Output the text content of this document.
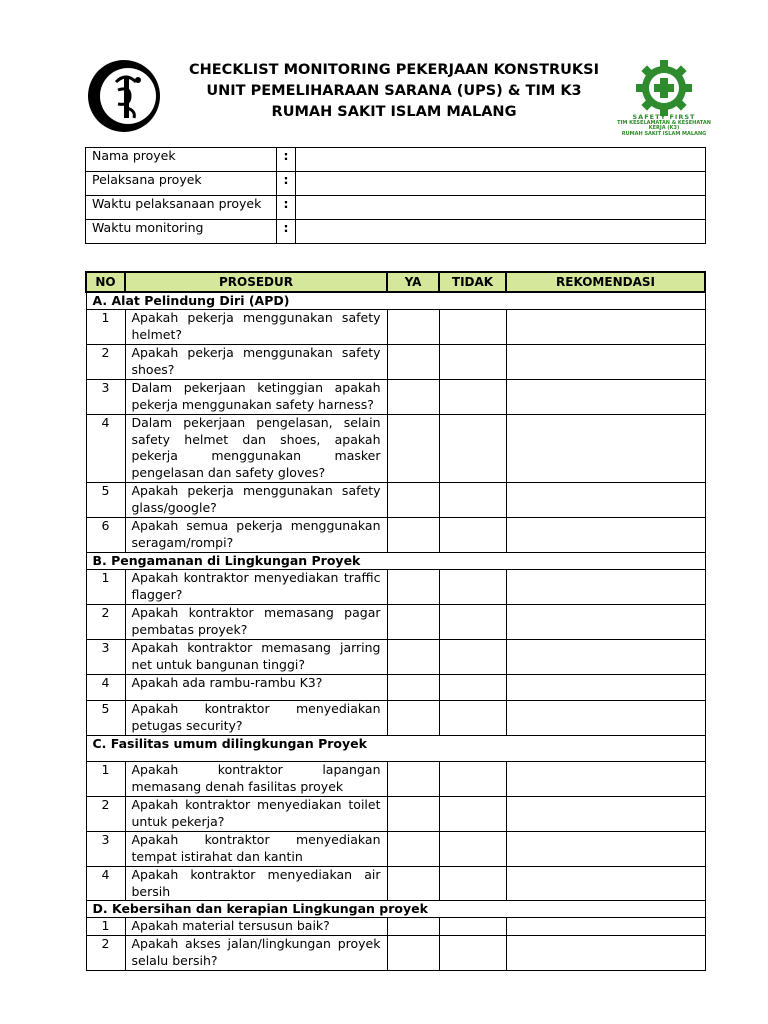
CHECKLIST MONITORING PEKERJAAN KONSTRUKSI
UNIT PEMELIHARAAN SARANA (UPS) & TIM K3
RUMAH SAKIT ISLAM MALANG	SAFETY FIRST
TIM KESELAMATAN & KESEHATAN KERJA (K3)
RUMAH SAKIT ISLAM MALANG
Nama proyek	:	
Pelaksana proyek	:	
Waktu pelaksanaan proyek	:	
Waktu monitoring	:	
NO	PROSEDUR	YA	TIDAK	REKOMENDASI
A. Alat Pelindung Diri (APD)				
1	Apakah pekerja menggunakan safety helmet?			
2	Apakah pekerja menggunakan safety shoes?			
3	Dalam pekerjaan ketinggian apakah pekerja menggunakan safety harness?			
4	Dalam pekerjaan pengelasan, selain safety helmet dan shoes, apakah pekerja menggunakan masker pengelasan dan safety gloves?			
5	Apakah pekerja menggunakan safety glass/google?			
6	Apakah semua pekerja menggunakan seragam/rompi?			
B. Pengamanan di Lingkungan Proyek				
1	Apakah kontraktor menyediakan traffic flagger?			
2	Apakah kontraktor memasang pagar pembatas proyek?			
3	Apakah kontraktor memasang jarring net untuk bangunan tinggi?			
4	Apakah ada rambu-rambu K3?			
5	Apakah kontraktor menyediakan petugas security?			
C. Fasilitas umum dilingkungan Proyek				
1	Apakah kontraktor lapangan memasang denah fasilitas proyek			
2	Apakah kontraktor menyediakan toilet untuk pekerja?			
3	Apakah kontraktor menyediakan tempat istirahat dan kantin			
4	Apakah kontraktor menyediakan air bersih			
D. Kebersihan dan kerapian Lingkungan proyek				
1	Apakah material tersusun baik?			
2	Apakah akses jalan/lingkungan proyek selalu bersih?			
